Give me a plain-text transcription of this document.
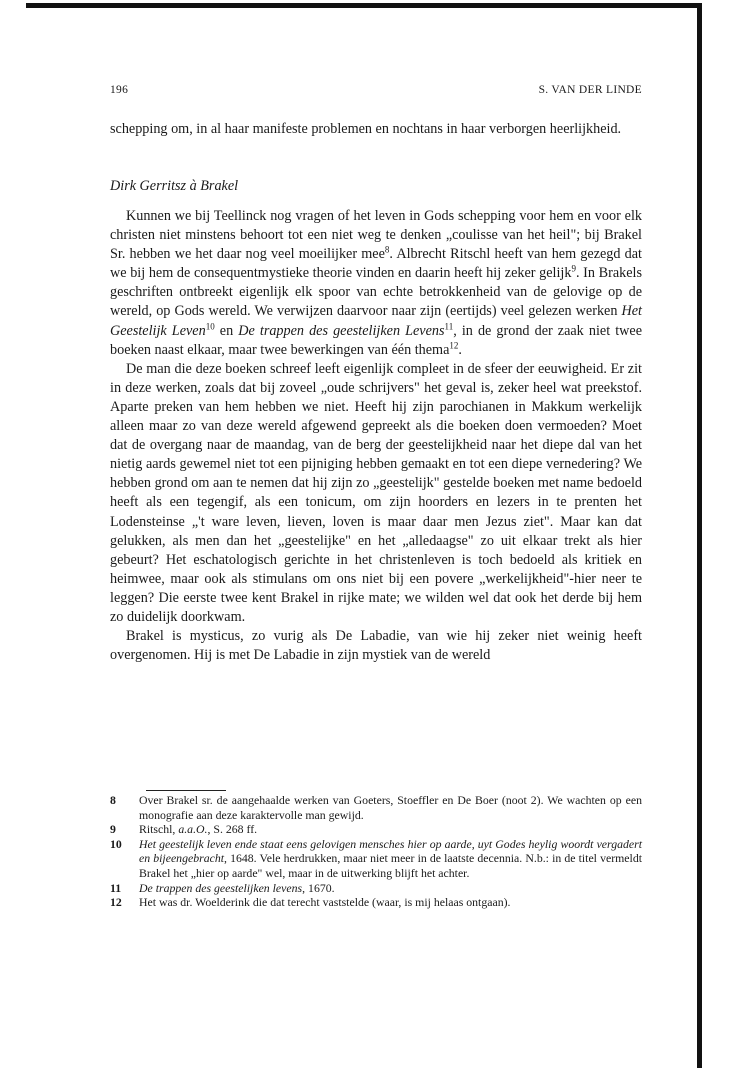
196	S. VAN DER LINDE

schepping om, in al haar manifeste problemen en nochtans in haar verborgen heerlijkheid.

Dirk Gerritsz à Brakel

Kunnen we bij Teellinck nog vragen of het leven in Gods schepping voor hem en voor elk christen niet minstens behoort tot een niet weg te denken „coulisse van het heil"; bij Brakel Sr. hebben we het daar nog veel moeilijker mee$^8$. Albrecht Ritschl heeft van hem gezegd dat we bij hem de consequentmystieke theorie vinden en daarin heeft hij zeker gelijk$^9$. In Brakels geschriften ontbreekt eigenlijk elk spoor van echte betrokkenheid van de gelovige op de wereld, op Gods wereld. We verwijzen daarvoor naar zijn (eertijds) veel gelezen werken Het Geestelijk Leven$^{10}$ en De trappen des geestelijken Levens$^{11}$, in de grond der zaak niet twee boeken naast elkaar, maar twee bewerkingen van één thema$^{12}$.

De man die deze boeken schreef leeft eigenlijk compleet in de sfeer der eeuwigheid. Er zit in deze werken, zoals dat bij zoveel „oude schrijvers" het geval is, zeker heel wat preekstof. Aparte preken van hem hebben we niet. Heeft hij zijn parochianen in Makkum werkelijk alleen maar zo van deze wereld afgewend gepreekt als die boeken doen vermoeden? Moet dat de overgang naar de maandag, van de berg der geestelijkheid naar het diepe dal van het nietig aards gewemel niet tot een pijniging hebben gemaakt en tot een diepe vernedering? We hebben grond om aan te nemen dat hij zijn zo „geestelijk" gestelde boeken met name bedoeld heeft als een tegengif, als een tonicum, om zijn hoorders en lezers in te prenten het Lodensteinse „'t ware leven, lieven, loven is maar daar men Jezus ziet". Maar kan dat gelukken, als men dan het „geestelijke" en het „alledaagse" zo uit elkaar trekt als hier gebeurt? Het eschatologisch gerichte in het christenleven is toch bedoeld als kritiek en heimwee, maar ook als stimulans om ons niet bij een povere „werkelijkheid"-hier neer te leggen? Die eerste twee kent Brakel in rijke mate; we wilden wel dat ook het derde bij hem zo duidelijk doorkwam.

Brakel is mysticus, zo vurig als De Labadie, van wie hij zeker niet weinig heeft overgenomen. Hij is met De Labadie in zijn mystiek van de wereld

8	Over Brakel sr. de aangehaalde werken van Goeters, Stoeffler en De Boer (noot 2). We wachten op een monografie aan deze karaktervolle man gewijd.
9	Ritschl, a.a.O., S. 268 ff.
10	Het geestelijk leven ende staat eens gelovigen mensches hier op aarde, uyt Godes heylig woordt vergadert en bijeengebracht, 1648. Vele herdrukken, maar niet meer in de laatste decennia. N.b.: in de titel vermeldt Brakel het „hier op aarde" wel, maar in de uitwerking blijft het achter.
11	De trappen des geestelijken levens, 1670.
12	Het was dr. Woelderink die dat terecht vaststelde (waar, is mij helaas ontgaan).
